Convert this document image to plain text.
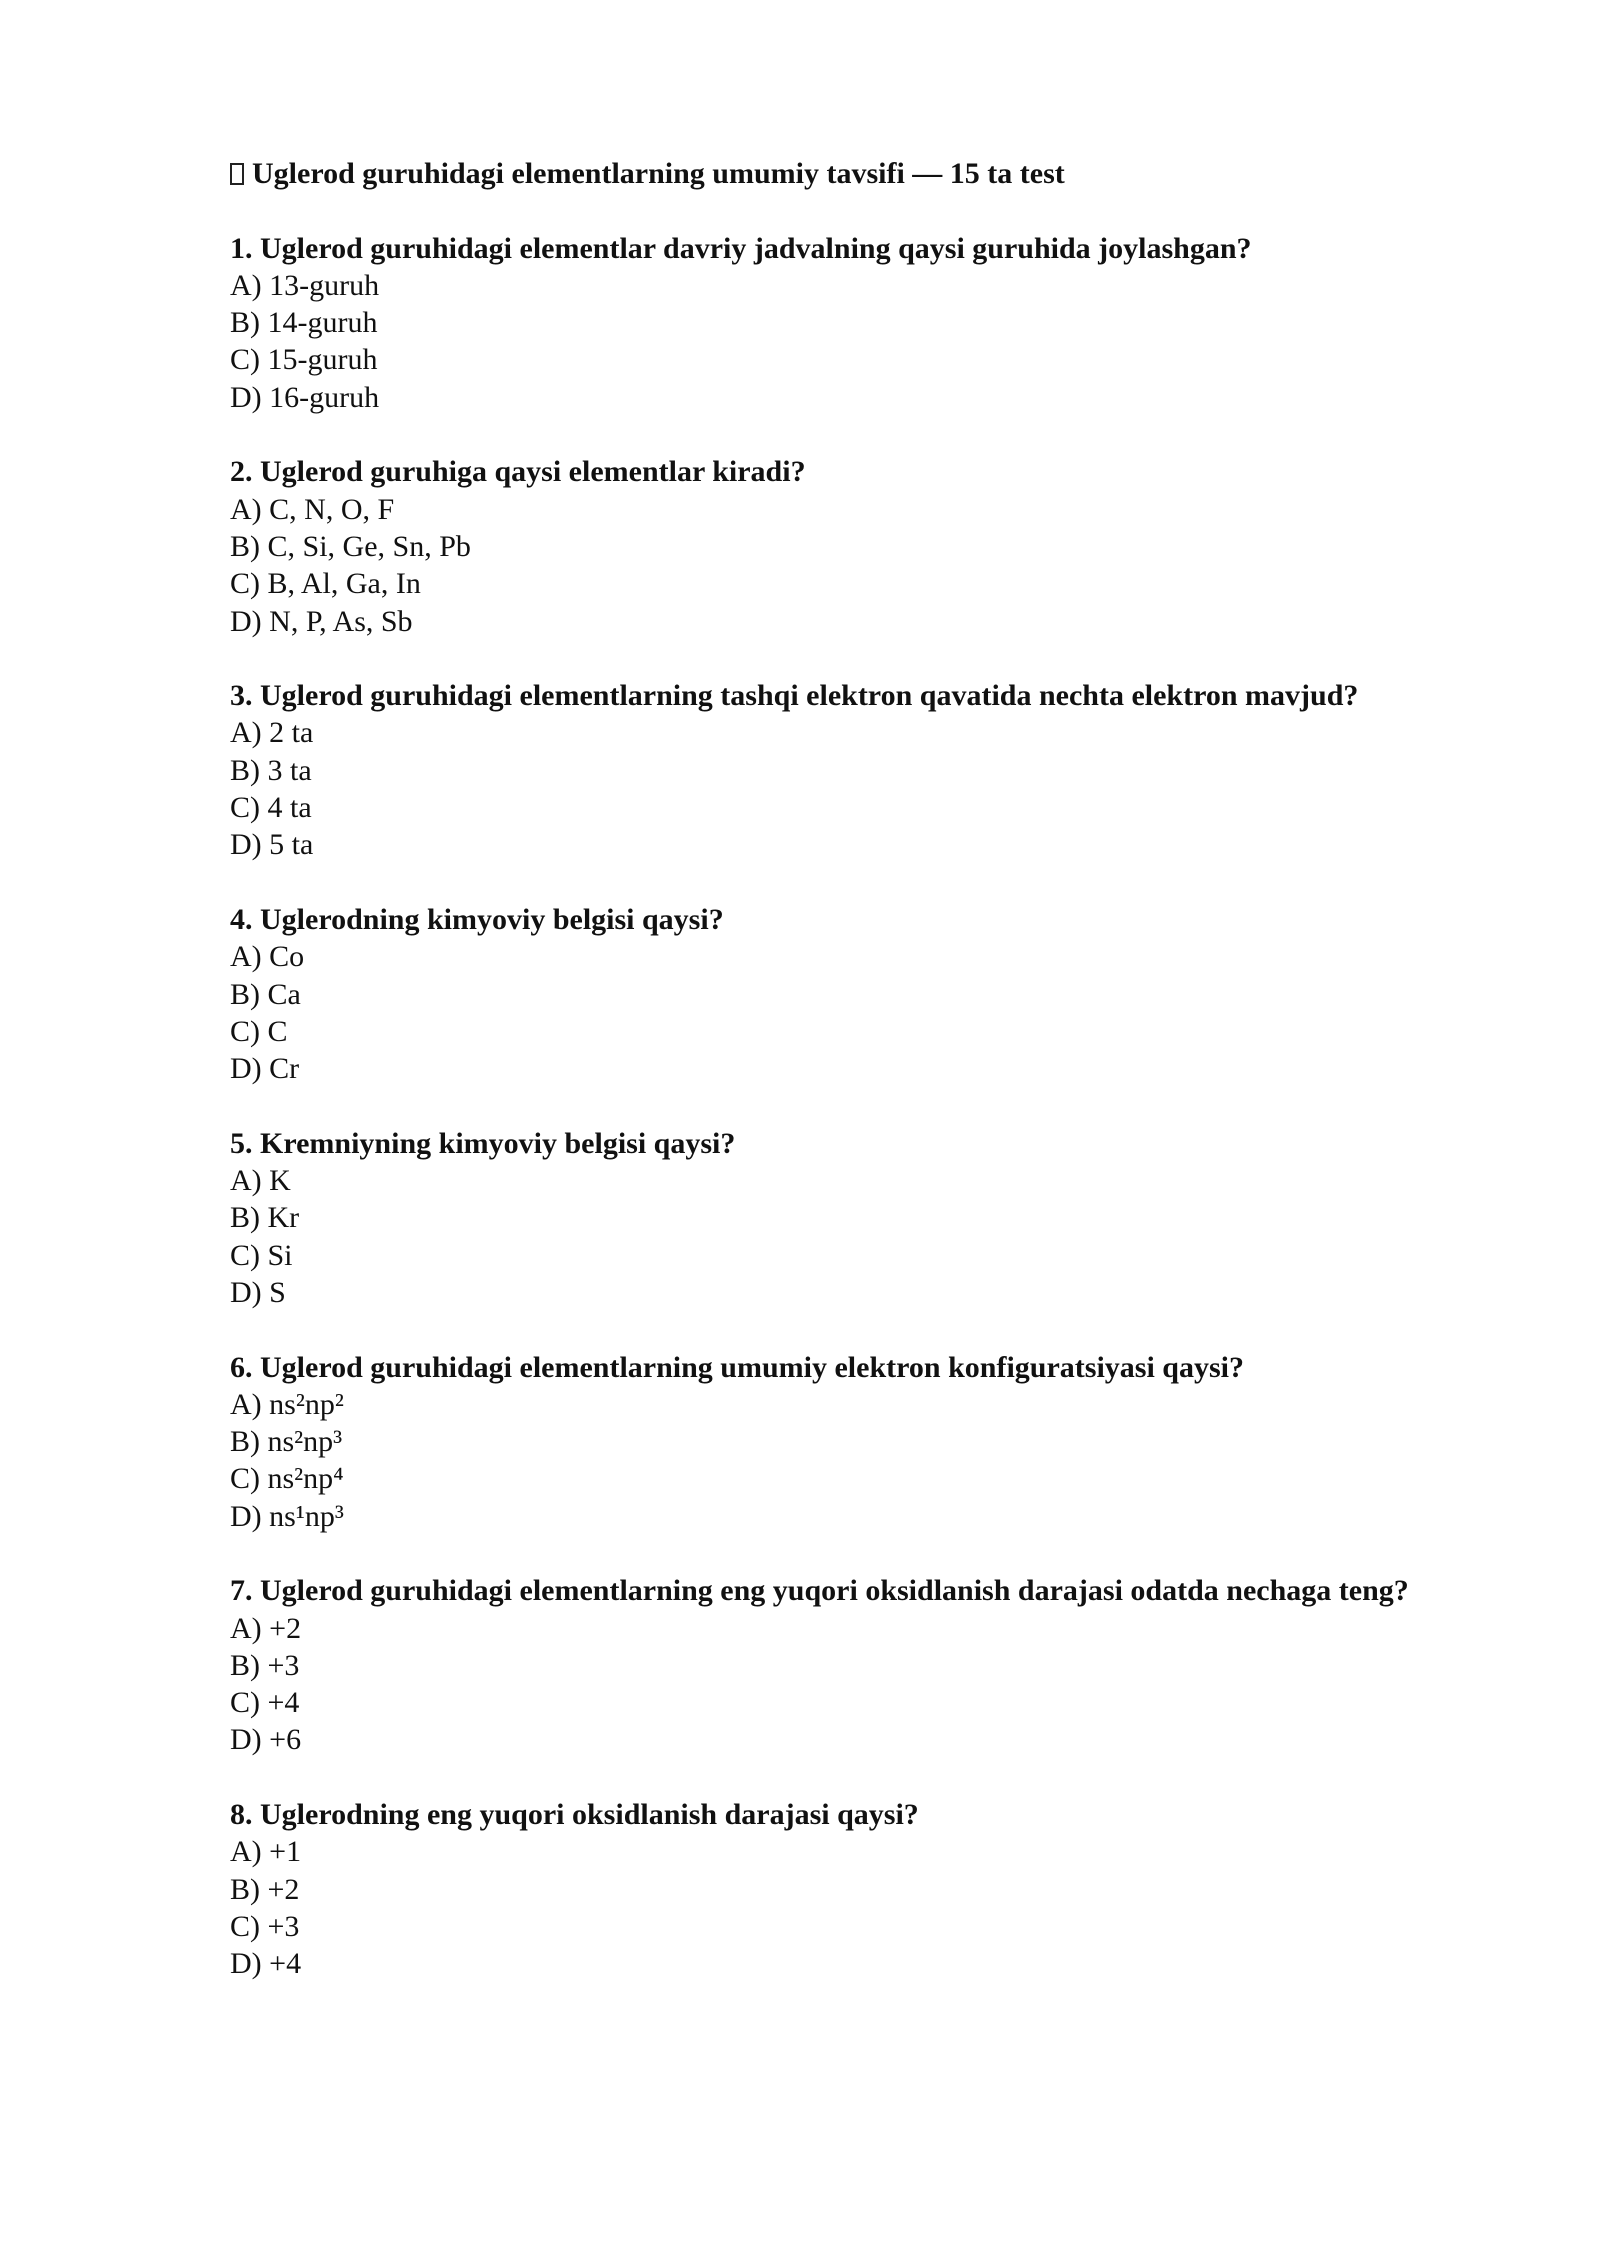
Uglerod guruhidagi elementlarning umumiy tavsifi — 15 ta test

1. Uglerod guruhidagi elementlar davriy jadvalning qaysi guruhida joylashgan?

A) 13-guruh
B) 14-guruh
C) 15-guruh
D) 16-guruh

2. Uglerod guruhiga qaysi elementlar kiradi?

A) C, N, O, F
B) C, Si, Ge, Sn, Pb
C) B, Al, Ga, In
D) N, P, As, Sb

3. Uglerod guruhidagi elementlarning tashqi elektron qavatida nechta elektron mavjud?

A) 2 ta
B) 3 ta
C) 4 ta
D) 5 ta

4. Uglerodning kimyoviy belgisi qaysi?

A) Co
B) Ca
C) C
D) Cr

5. Kremniyning kimyoviy belgisi qaysi?

A) K
B) Kr
C) Si
D) S

6. Uglerod guruhidagi elementlarning umumiy elektron konfiguratsiyasi qaysi?

A) ns²np²
B) ns²np³
C) ns²np⁴
D) ns¹np³

7. Uglerod guruhidagi elementlarning eng yuqori oksidlanish darajasi odatda nechaga teng?

A) +2
B) +3
C) +4
D) +6

8. Uglerodning eng yuqori oksidlanish darajasi qaysi?

A) +1
B) +2
C) +3
D) +4
